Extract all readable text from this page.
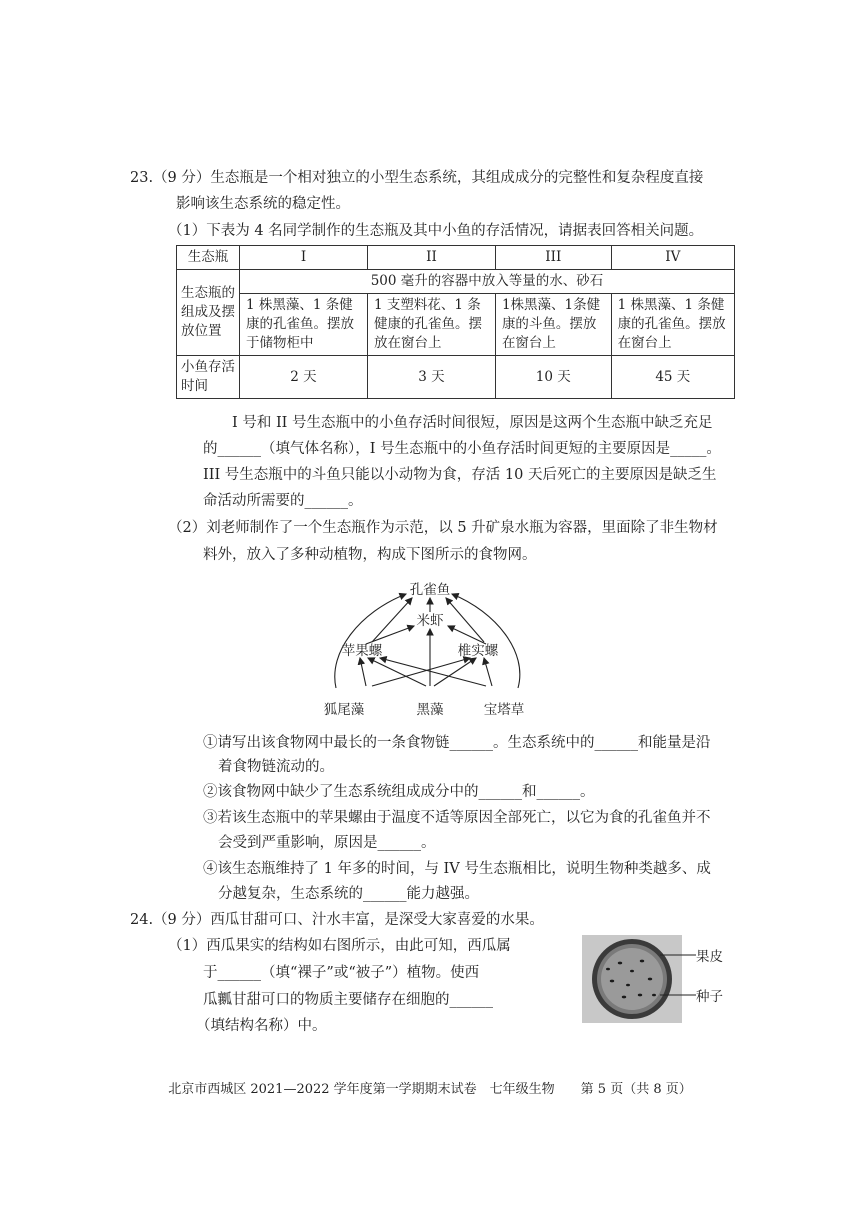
23.（9 分）生态瓶是一个相对独立的小型生态系统，其组成成分的完整性和复杂程度直接
影响该生态系统的稳定性。
（1）下表为 4 名同学制作的生态瓶及其中小鱼的存活情况，请据表回答相关问题。
生态瓶	I	II	III	IV
生态瓶的组成及摆放位置	500 毫升的容器中放入等量的水、砂石			
	1 株黑藻、1 条健康的孔雀鱼。摆放于储物柜中	1 支塑料花、1 条健康的孔雀鱼。摆放在窗台上	1株黑藻、1条健康的斗鱼。摆放在窗台上	1 株黑藻、1 条健康的孔雀鱼。摆放在窗台上
小鱼存活时间	2 天	3 天	10 天	45 天
I 号和 II 号生态瓶中的小鱼存活时间很短，原因是这两个生态瓶中缺乏充足
的______（填气体名称），I 号生态瓶中的小鱼存活时间更短的主要原因是_____。
III 号生态瓶中的斗鱼只能以小动物为食，存活 10 天后死亡的主要原因是缺乏生
命活动所需要的______。
（2）刘老师制作了一个生态瓶作为示范，以 5 升矿泉水瓶为容器，里面除了非生物材
料外，放入了多种动植物，构成下图所示的食物网。
孔雀鱼
米虾
苹果螺	椎实螺
狐尾藻	黑藻	宝塔草
①请写出该食物网中最长的一条食物链______。生态系统中的______和能量是沿
着食物链流动的。
②该食物网中缺少了生态系统组成成分中的______和______。
③若该生态瓶中的苹果螺由于温度不适等原因全部死亡，以它为食的孔雀鱼并不
会受到严重影响，原因是______。
④该生态瓶维持了 1 年多的时间，与 IV 号生态瓶相比，说明生物种类越多、成
分越复杂，生态系统的______能力越强。
24.（9 分）西瓜甘甜可口、汁水丰富，是深受大家喜爱的水果。
（1）西瓜果实的结构如右图所示，由此可知，西瓜属
于______（填“裸子”或“被子”）植物。使西
瓜瓤甘甜可口的物质主要储存在细胞的______
（填结构名称）中。
果皮
种子
北京市西城区 2021—2022 学年度第一学期期末试卷　七年级生物　　第 5 页（共 8 页）
